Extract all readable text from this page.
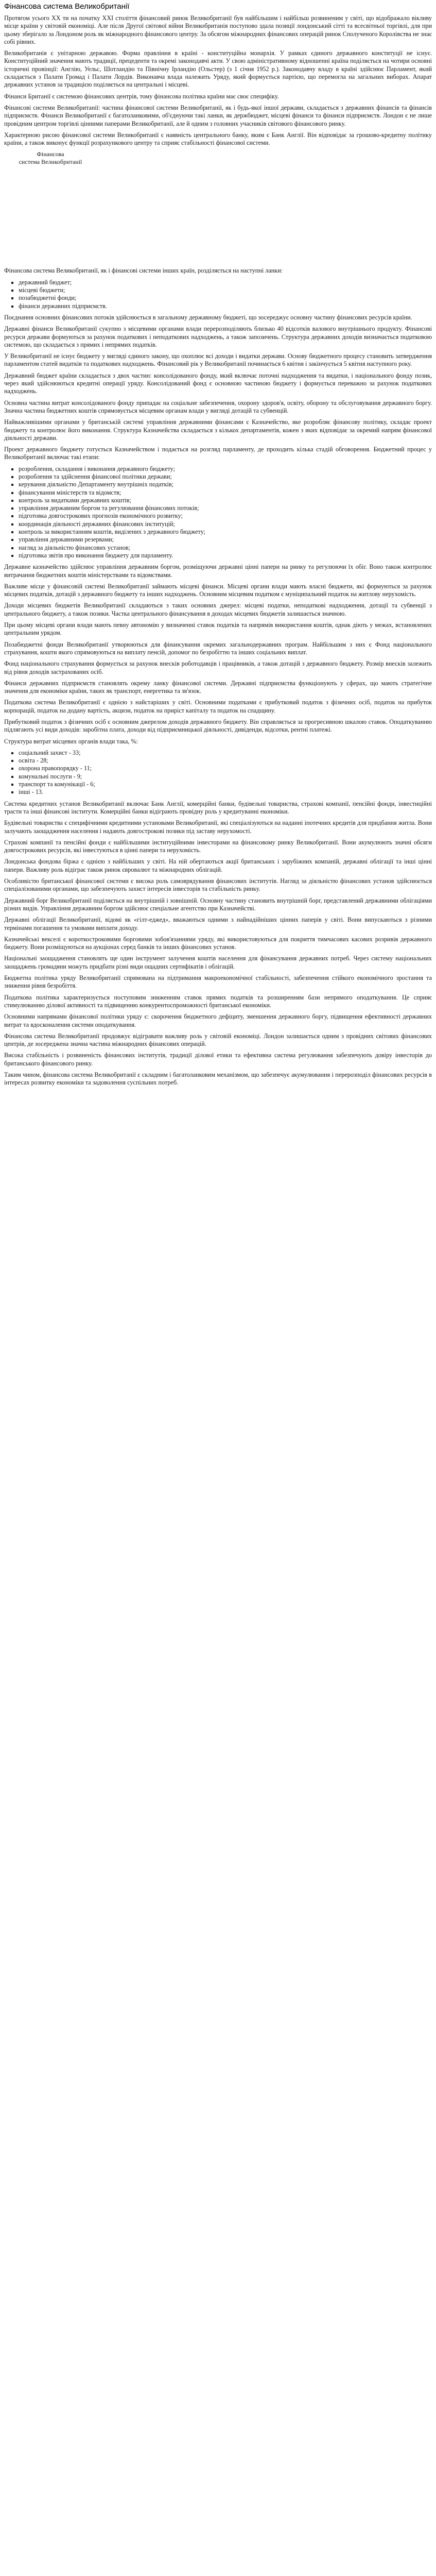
Фінансова система Великобританії

Протягом усього XX ти на початку XXI століття фінансовий ринок Великобританії був найбільшим і найбільш розвиненим у світі, що відображало вікливу місце країни у світовій економіці. Але після Другої світової війни Великобританія поступово здала позиції лондонський сітті та всесвітньої торгівлі, для при цьому зберігало за Лондоном роль як міжнародного фінансового центру. За обсягом міжнародних фінансових операцій ринок Сполученого Королівства не знає собі рівних.

Великобританія є унітарною державою. Форма правління в країні - конституційна монархія. У рамках єдиного державного конституції не існує. Конституційний значення мають традиції, прецеденти та окремі законодавчі акти. У свою адміністративному відношенні країна поділяється на чотири основні історичні провінції: Англію, Уельс, Шотландію та Північну Ірландію (Ольстер) (з 1 січня 1952 р.). Законодавчу владу в країні здійснює Парламент, який складається з Палати Громад і Палати Лордів. Виконавча влада належить Уряду, який формується партією, що перемогла на загальних виборах. Апарат державних установ за традицією поділяється на центральні і місцеві.

Фінанси Британії є системою фінансових центрів, тому фінансова політика країни має своє специфіку.

Фінансові системи Великобританії: частина фінансової системи Великобританії, як і будь-якої іншої держави, складається з державних фінансів та фінансів підприємств. Фінанси Великобританії є багатоланковими, об'єднуючи такі ланки, як держбюджет, місцеві фінанси та фінанси підприємств. Лондон є не лише провідним центром торгівлі цінними паперами Великобританії, але й одним з головних учасників світового фінансового ринку.

Характерною рисою фінансової системи Великобританії є наявність центрального банку, яким є Банк Англії. Він відповідає за грошово-кредитну політику країни, а також виконує функції розрахункового центру та сприяє стабільності фінансової системи.

Фінансова
система Великобританії

Фінансова система Великобританії, як і фінансові системи інших країн, розділяється на наступні ланки:

▪ державний бюджет;
▪ місцеві бюджети;
▪ позабюджетні фонди;
▪ фінанси державних підприємств.

Поєднання основних фінансових потоків здійснюється в загальному державному бюджеті, що зосереджує основну частину фінансових ресурсів країни.

Державні фінанси Великобританії сукупно з місцевими органами влади перерозподіляють близько 40 відсотків валового внутрішнього продукту. Фінансові ресурси держави формуються за рахунок податкових і неподаткових надходжень, а також запозичень. Структура державних доходів визначається податковою системою, що складається з прямих і непрямих податків.

У Великобританії не існує бюджету у вигляді єдиного закону, що охоплює всі доходи і видатки держави. Основу бюджетного процесу становить затвердження парламентом статей видатків та податкових надходжень. Фінансовий рік у Великобританії починається 6 квітня і закінчується 5 квітня наступного року.

Державний бюджет країни складається з двох частин: консолідованого фонду, який включає поточні надходження та видатки, і національного фонду позик, через який здійснюються кредитні операції уряду. Консолідований фонд є основною частиною бюджету і формується переважно за рахунок податкових надходжень.

Основна частина витрат консолідованого фонду припадає на соціальне забезпечення, охорону здоров'я, освіту, оборону та обслуговування державного боргу. Значна частина бюджетних коштів спрямовується місцевим органам влади у вигляді дотацій та субвенцій.

Найважливішими органами у британській системі управління державними фінансами є Казначейство, яке розробляє фінансову політику, складає проект бюджету та контролює його виконання. Структура Казначейства складається з кількох департаментів, кожен з яких відповідає за окремий напрям фінансової діяльності держави.

Проект державного бюджету готується Казначейством і подається на розгляд парламенту, де проходить кілька стадій обговорення. Бюджетний процес у Великобританії включає такі етапи:

▪ розроблення, складання і виконання державного бюджету;
▪ розроблення та здійснення фінансової політики держави;
▪ керування діяльністю Департаменту внутрішніх податків;
▪ фінансування міністерств та відомств;
▪ контроль за видатками державних коштів;
▪ управління державним боргом та регулювання фінансових потоків;
▪ підготовка довгострокових прогнозів економічного розвитку;
▪ координація діяльності державних фінансових інституцій;
▪ контроль за використанням коштів, виділених з державного бюджету;
▪ управління державними резервами;
▪ нагляд за діяльністю фінансових установ;
▪ підготовка звітів про виконання бюджету для парламенту.

Державне казначейство здійснює управління державним боргом, розміщуючи державні цінні папери на ринку та регулюючи їх обіг. Воно також контролює витрачання бюджетних коштів міністерствами та відомствами.

Важливе місце у фінансовій системі Великобританії займають місцеві фінанси. Місцеві органи влади мають власні бюджети, які формуються за рахунок місцевих податків, дотацій з державного бюджету та інших надходжень. Основним місцевим податком є муніципальний податок на житлову нерухомість.

Доходи місцевих бюджетів Великобританії складаються з таких основних джерел: місцеві податки, неподаткові надходження, дотації та субвенції з центрального бюджету, а також позики. Частка центрального фінансування в доходах місцевих бюджетів залишається значною.

При цьому місцеві органи влади мають певну автономію у визначенні ставок податків та напрямів використання коштів, однак діють у межах, встановлених центральним урядом.

Позабюджетні фонди Великобританії утворюються для фінансування окремих загальнодержавних програм. Найбільшим з них є Фонд національного страхування, кошти якого спрямовуються на виплату пенсій, допомог по безробіттю та інших соціальних виплат.

Фонд національного страхування формується за рахунок внесків роботодавців і працівників, а також дотацій з державного бюджету. Розмір внесків залежить від рівня доходів застрахованих осіб.

Фінанси державних підприємств становлять окрему ланку фінансової системи. Державні підприємства функціонують у сферах, що мають стратегічне значення для економіки країни, таких як транспорт, енергетика та зв'язок.

Податкова система Великобританії є однією з найстаріших у світі. Основними податками є прибутковий податок з фізичних осіб, податок на прибуток корпорацій, податок на додану вартість, акцизи, податок на приріст капіталу та податок на спадщину.

Прибутковий податок з фізичних осіб є основним джерелом доходів державного бюджету. Він справляється за прогресивною шкалою ставок. Оподаткуванню підлягають усі види доходів: заробітна плата, доходи від підприємницької діяльності, дивіденди, відсотки, рентні платежі.

Структура витрат місцевих органів влади така, %:

▪ соціальний захист - 33;
▪ освіта - 28;
▪ охорона правопорядку - 11;
▪ комунальні послуги - 9;
▪ транспорт та комунікації - 6;
▪ інші - 13.

Система кредитних установ Великобританії включає Банк Англії, комерційні банки, будівельні товариства, страхові компанії, пенсійні фонди, інвестиційні трасти та інші фінансові інститути. Комерційні банки відіграють провідну роль у кредитуванні економіки.

Будівельні товариства є специфічними кредитними установами Великобританії, які спеціалізуються на наданні іпотечних кредитів для придбання житла. Вони залучають заощадження населення і надають довгострокові позики під заставу нерухомості.

Страхові компанії та пенсійні фонди є найбільшими інституційними інвесторами на фінансовому ринку Великобританії. Вони акумулюють значні обсяги довгострокових ресурсів, які інвестуються в цінні папери та нерухомість.

Лондонська фондова біржа є однією з найбільших у світі. На ній обертаються акції британських і зарубіжних компаній, державні облігації та інші цінні папери. Важливу роль відіграє також ринок євровалют та міжнародних облігацій.

Особливістю британської фінансової системи є висока роль самоврядування фінансових інститутів. Нагляд за діяльністю фінансових установ здійснюється спеціалізованими органами, що забезпечують захист інтересів інвесторів та стабільність ринку.

Державний борг Великобританії поділяється на внутрішній і зовнішній. Основну частину становить внутрішній борг, представлений державними облігаціями різних видів. Управління державним боргом здійснює спеціальне агентство при Казначействі.

Державні облігації Великобританії, відомі як «гілт-еджед», вважаються одними з найнадійніших цінних паперів у світі. Вони випускаються з різними термінами погашення та умовами виплати доходу.

Казначейські векселі є короткостроковими борговими зобов'язаннями уряду, які використовуються для покриття тимчасових касових розривів державного бюджету. Вони розміщуються на аукціонах серед банків та інших фінансових установ.

Національні заощадження становлять ще один інструмент залучення коштів населення для фінансування державних потреб. Через систему національних заощаджень громадяни можуть придбати різні види ощадних сертифікатів і облігацій.

Бюджетна політика уряду Великобританії спрямована на підтримання макроекономічної стабільності, забезпечення стійкого економічного зростання та зниження рівня безробіття.

Податкова політика характеризується поступовим зниженням ставок прямих податків та розширенням бази непрямого оподаткування. Це сприяє стимулюванню ділової активності та підвищенню конкурентоспроможності британської економіки.

Основними напрямами фінансової політики уряду є: скорочення бюджетного дефіциту, зменшення державного боргу, підвищення ефективності державних витрат та вдосконалення системи оподаткування.

Фінансова система Великобританії продовжує відігравати важливу роль у світовій економіці. Лондон залишається одним з провідних світових фінансових центрів, де зосереджена значна частина міжнародних фінансових операцій.

Висока стабільність і розвиненість фінансових інститутів, традиції ділової етики та ефективна система регулювання забезпечують довіру інвесторів до британського фінансового ринку.

Таким чином, фінансова система Великобританії є складним і багатоланковим механізмом, що забезпечує акумулювання і перерозподіл фінансових ресурсів в інтересах розвитку економіки та задоволення суспільних потреб.
